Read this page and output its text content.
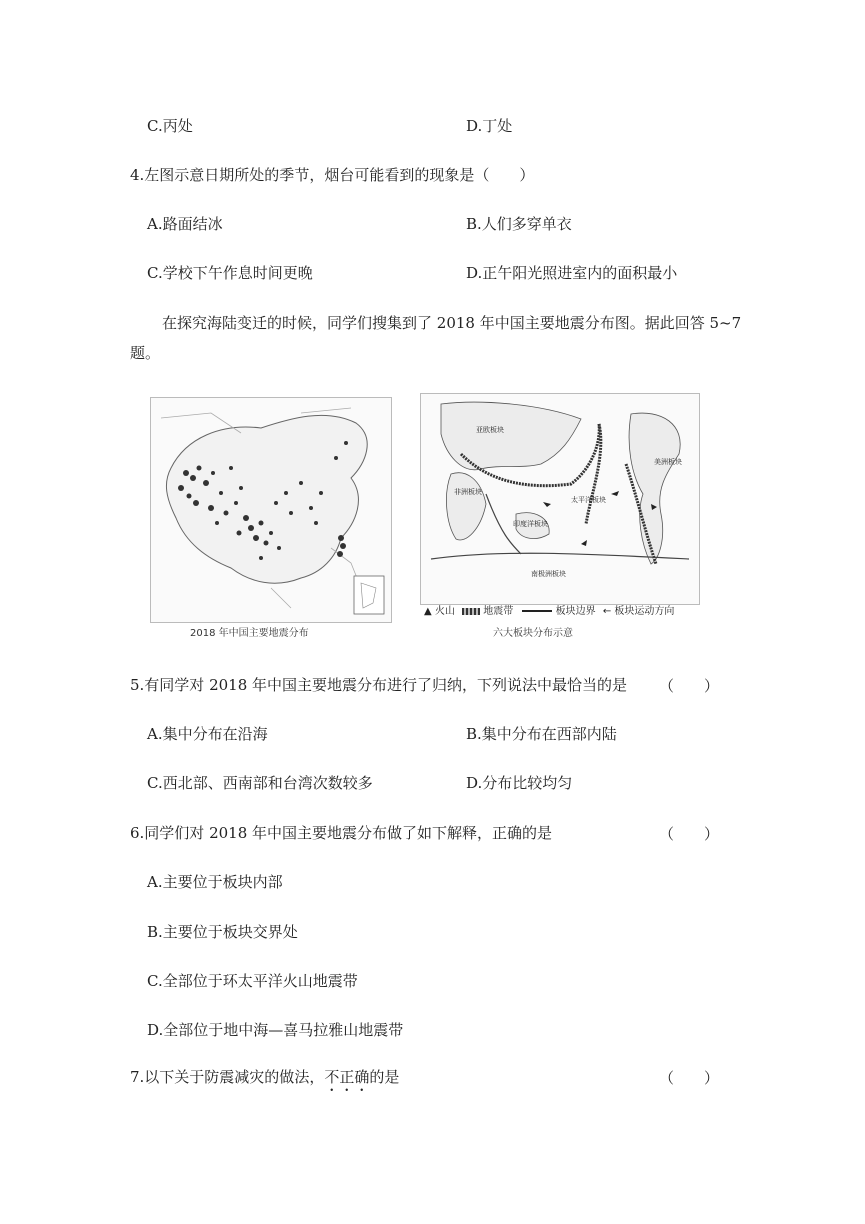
C.丙处	D.丁处
4.左图示意日期所处的季节，烟台可能看到的现象是（　　）
A.路面结冰	B.人们多穿单衣
C.学校下午作息时间更晚	D.正午阳光照进室内的面积最小
在探究海陆变迁的时候，同学们搜集到了 2018 年中国主要地震分布图。据此回答 5~7
题。
2018 年中国主要地震分布
亚欧板块
太平洋板块
印度洋板块
南极洲板块
非洲板块
美洲板块
▲ 火山	地震带	板块边界 ← 板块运动方向
六大板块分布示意
5.有同学对 2018 年中国主要地震分布进行了归纳，下列说法中最恰当的是 （　　）
A.集中分布在沿海	B.集中分布在西部内陆
C.西北部、西南部和台湾次数较多	D.分布比较均匀
6.同学们对 2018 年中国主要地震分布做了如下解释，正确的是	（　　）
A.主要位于板块内部
B.主要位于板块交界处
C.全部位于环太平洋火山地震带
D.全部位于地中海—喜马拉雅山地震带
7.以下关于防震减灾的做法，不正确的是	（　　）
